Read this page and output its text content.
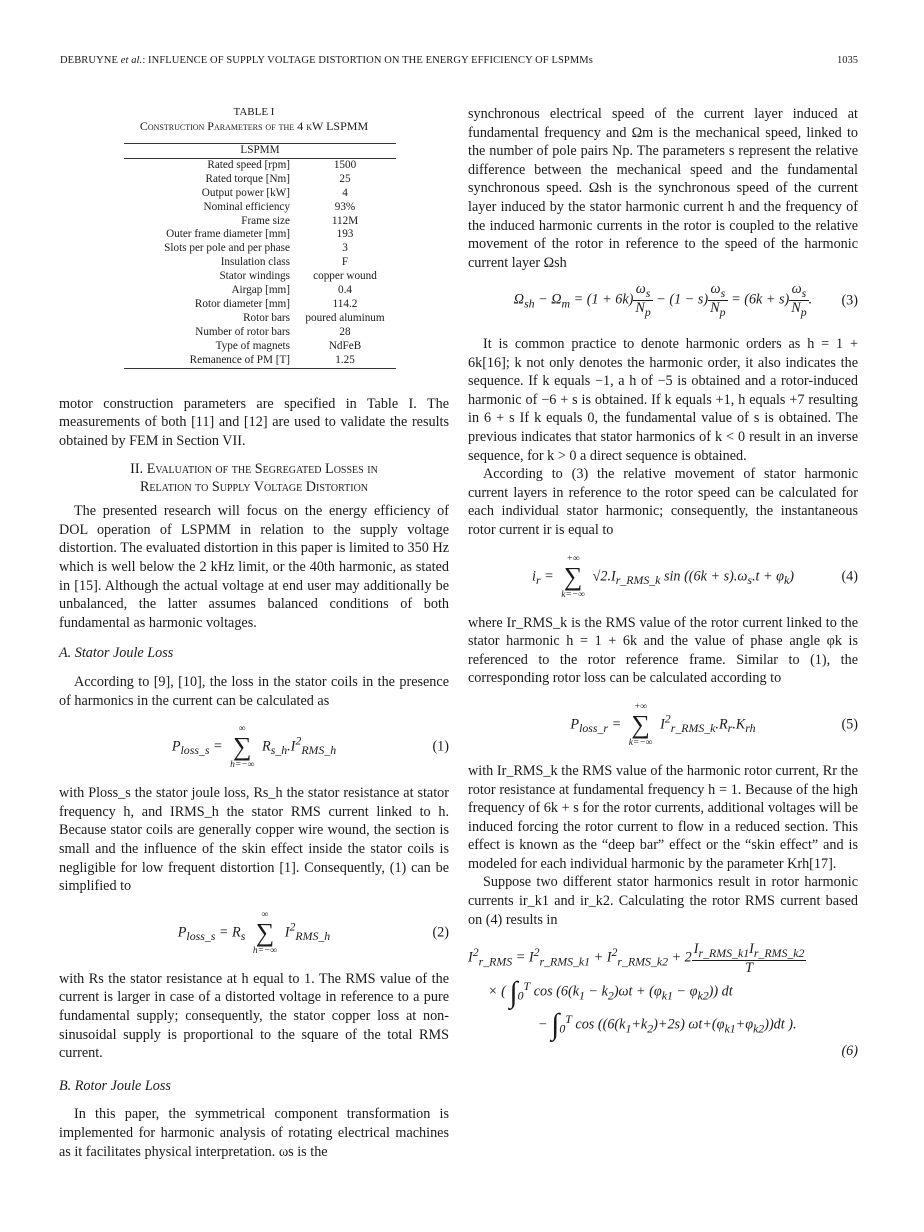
DEBRUYNE et al.: INFLUENCE OF SUPPLY VOLTAGE DISTORTION ON THE ENERGY EFFICIENCY OF LSPMMs	1035
TABLE I
Construction Parameters of the 4 kW LSPMM
LSPMM	
Rated speed [rpm]	1500
Rated torque [Nm]	25
Output power [kW]	4
Nominal efficiency	93%
Frame size	112M
Outer frame diameter [mm]	193
Slots per pole and per phase	3
Insulation class	F
Stator windings	copper wound
Airgap [mm]	0.4
Rotor diameter [mm]	114.2
Rotor bars	poured aluminum
Number of rotor bars	28
Type of magnets	NdFeB
Remanence of PM [T]	1.25

motor construction parameters are specified in Table I. The measurements of both [11] and [12] are used to validate the results obtained by FEM in Section VII.

II. Evaluation of the Segregated Losses in
Relation to Supply Voltage Distortion

The presented research will focus on the energy efficiency of DOL operation of LSPMM in relation to the supply voltage distortion. The evaluated distortion in this paper is limited to 350 Hz which is well below the 2 kHz limit, or the 40th harmonic, as stated in [15]. Although the actual voltage at end user may additionally be unbalanced, the latter assumes balanced conditions of both fundamental as harmonic voltages.

A. Stator Joule Loss

According to [9], [10], the loss in the stator coils in the presence of harmonics in the current can be calculated as

$P_{loss\_s}$ =
∞
∑
h=−∞
$R_{s\_h}.I^2_{RMS\_h}$	(1)

with Ploss_s the stator joule loss, Rs_h the stator resistance at stator frequency h, and IRMS_h the stator RMS current linked to h. Because stator coils are generally copper wire wound, the section is small and the influence of the skin effect inside the stator coils is negligible for low frequent distortion [1]. Consequently, (1) can be simplified to

$P_{loss\_s} = R_s$
∞
∑
h=−∞
$I^2_{RMS\_h}$	(2)

with Rs the stator resistance at h equal to 1. The RMS value of the current is larger in case of a distorted voltage in reference to a pure fundamental supply; consequently, the stator copper loss at non-sinusoidal supply is proportional to the square of the total RMS current.

B. Rotor Joule Loss

In this paper, the symmetrical component transformation is implemented for harmonic analysis of rotating electrical machines as it facilitates physical interpretation. ωs is the

synchronous electrical speed of the current layer induced at fundamental frequency and Ωm is the mechanical speed, linked to the number of pole pairs Np. The parameters s represent the relative difference between the mechanical speed and the fundamental synchronous speed. Ωsh is the synchronous speed of the current layer induced by the stator harmonic current h and the frequency of the induced harmonic currents in the rotor is coupled to the relative movement of the rotor in reference to the speed of the harmonic current layer Ωsh

$\Omega_{sh} - \Omega_m = (1 + 6k) \frac{\omega_s}{N_p} - (1 - s) \frac{\omega_s}{N_p} = (6k + s) \frac{\omega_s}{N_p}$ . (3)

It is common practice to denote harmonic orders as h = 1 + 6k[16]; k not only denotes the harmonic order, it also indicates the sequence. If k equals −1, a h of −5 is obtained and a rotor-induced harmonic of −6 + s is obtained. If k equals +1, h equals +7 resulting in 6 + s If k equals 0, the fundamental value of s is obtained. The previous indicates that stator harmonics of k < 0 result in an inverse sequence, for k > 0 a direct sequence is obtained.

According to (3) the relative movement of stator harmonic current layers in reference to the rotor speed can be calculated for each individual stator harmonic; consequently, the instantaneous rotor current ir is equal to

$i_r$ =
+∞
∑
k=−∞
$√2.I_{r\_RMS\_k}$ $\sin ((6k + s).\omega_s.t + \varphi_k)$	(4)

where Ir_RMS_k is the RMS value of the rotor current linked to the stator harmonic h = 1 + 6k and the value of phase angle φk is referenced to the rotor reference frame. Similar to (1), the corresponding rotor loss can be calculated according to

$P_{loss\_r}$ =
+∞
∑
k=−∞
$I^2_{r\_RMS\_k}.R_r.K_{rh}$	(5)

with Ir_RMS_k the RMS value of the harmonic rotor current, Rr the rotor resistance at fundamental frequency h = 1. Because of the high frequency of 6k + s for the rotor currents, additional voltages will be induced forcing the rotor current to flow in a reduced section. This effect is known as the “deep bar” effect or the “skin effect” and is modeled for each individual harmonic by the parameter Krh[17].

Suppose two different stator harmonics result in rotor harmonic currents ir_k1 and ir_k2. Calculating the rotor RMS current based on (4) results in

$I^2_{r\_RMS} = I^2_{r\_RMS\_k1} + I^2_{r\_RMS\_k2} + 2 \frac{I_{r\_RMS\_k1}I_{r\_RMS\_k2}}{T}$
× ( $\int_0^T$ $\cos (6(k_1 - k_2)\omega t + (\varphi_{k1} - \varphi_{k2}))$ dt
− $\int_0^T$ $\cos ((6(k_1+k_2)+2s)$ $\omega t+(\varphi_{k1}+\varphi_{k2}))dt$ ).
(6)
